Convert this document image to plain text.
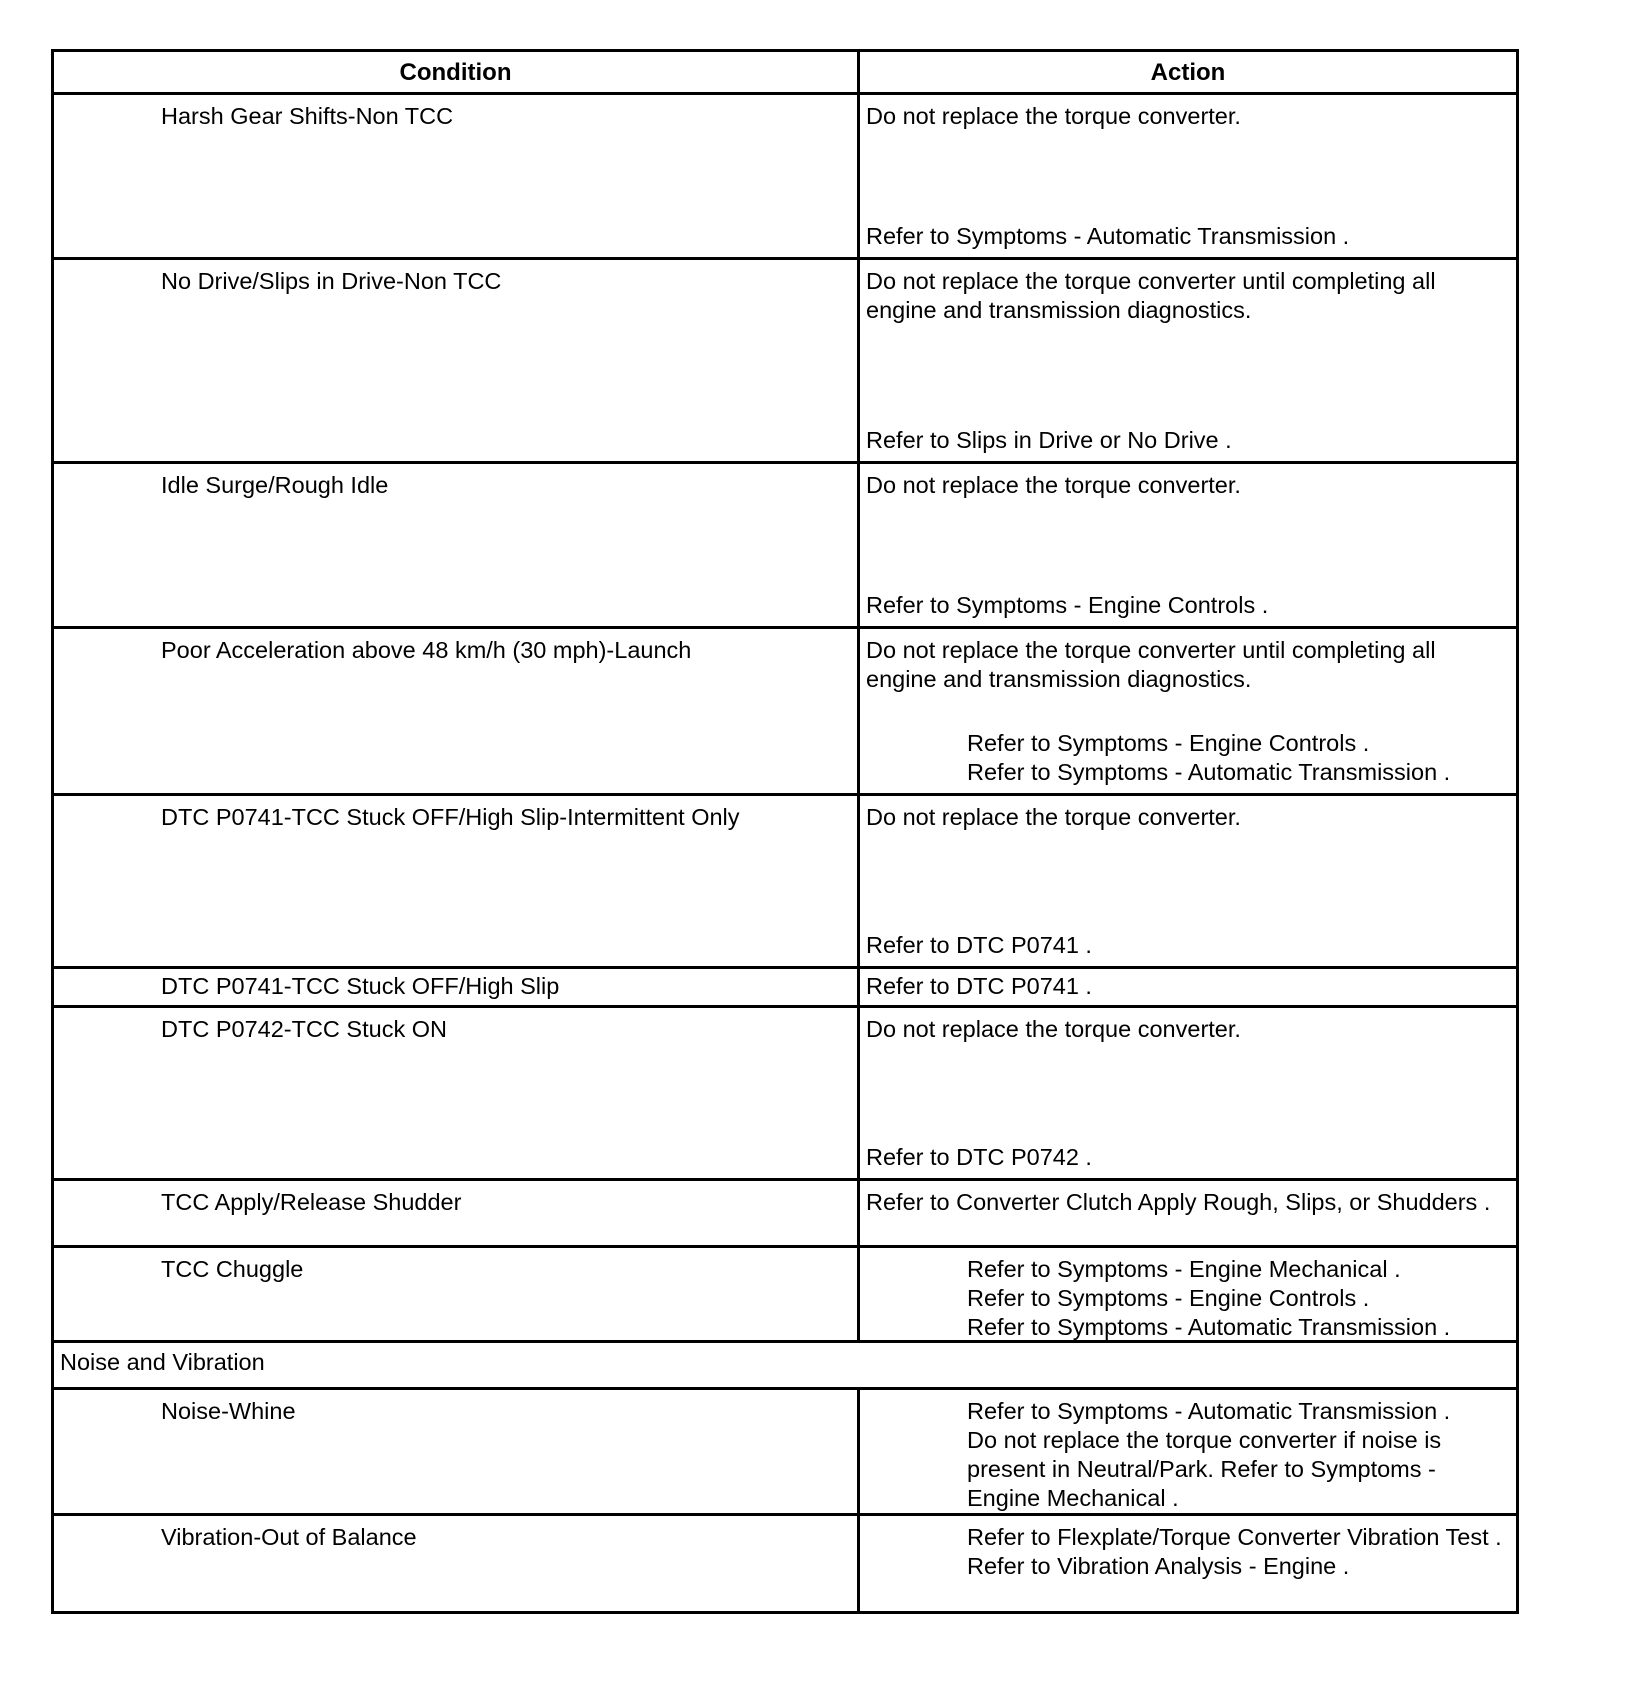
Condition	Action

Harsh Gear Shifts-Non TCC	Do not replace the torque converter.
Refer to Symptoms - Automatic Transmission .

No Drive/Slips in Drive-Non TCC	Do not replace the torque converter until completing all engine and transmission diagnostics.
Refer to Slips in Drive or No Drive .

Idle Surge/Rough Idle	Do not replace the torque converter.
Refer to Symptoms - Engine Controls .

Poor Acceleration above 48 km/h (30 mph)-Launch	Do not replace the torque converter until completing all engine and transmission diagnostics.
Refer to Symptoms - Engine Controls .
Refer to Symptoms - Automatic Transmission .

DTC P0741-TCC Stuck OFF/High Slip-Intermittent Only	Do not replace the torque converter.
Refer to DTC P0741 .

DTC P0741-TCC Stuck OFF/High Slip	Refer to DTC P0741 .

DTC P0742-TCC Stuck ON	Do not replace the torque converter.
Refer to DTC P0742 .

TCC Apply/Release Shudder	Refer to Converter Clutch Apply Rough, Slips, or Shudders .

TCC Chuggle	Refer to Symptoms - Engine Mechanical .
Refer to Symptoms - Engine Controls .
Refer to Symptoms - Automatic Transmission .

Noise and Vibration	

Noise-Whine	Refer to Symptoms - Automatic Transmission .
Do not replace the torque converter if noise is present in Neutral/Park. Refer to Symptoms - Engine Mechanical .

Vibration-Out of Balance	Refer to Flexplate/Torque Converter Vibration Test .
Refer to Vibration Analysis - Engine .
